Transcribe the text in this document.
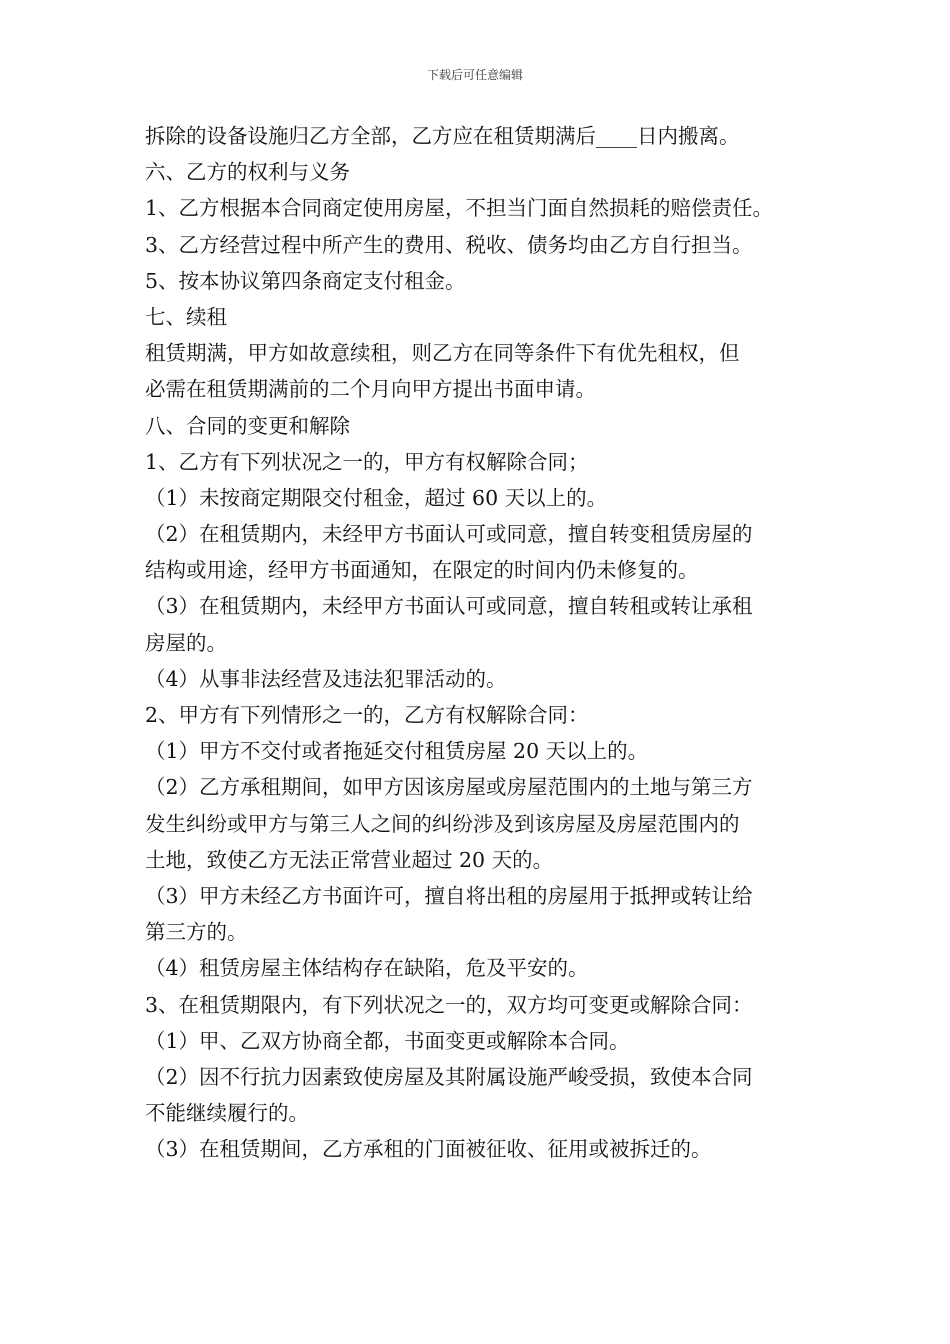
下载后可任意编辑
拆除的设备设施归乙方全部，乙方应在租赁期满后____日内搬离。
六、乙方的权利与义务
1、乙方根据本合同商定使用房屋，不担当门面自然损耗的赔偿责任。
3、乙方经营过程中所产生的费用、税收、债务均由乙方自行担当。
5、按本协议第四条商定支付租金。
七、续租
租赁期满，甲方如故意续租，则乙方在同等条件下有优先租权，但
必需在租赁期满前的二个月向甲方提出书面申请。
八、合同的变更和解除
1、乙方有下列状况之一的，甲方有权解除合同；
（1）未按商定期限交付租金，超过 60 天以上的。
（2）在租赁期内，未经甲方书面认可或同意，擅自转变租赁房屋的
结构或用途，经甲方书面通知，在限定的时间内仍未修复的。
（3）在租赁期内，未经甲方书面认可或同意，擅自转租或转让承租
房屋的。
（4）从事非法经营及违法犯罪活动的。
2、甲方有下列情形之一的，乙方有权解除合同：
（1）甲方不交付或者拖延交付租赁房屋 20 天以上的。
（2）乙方承租期间，如甲方因该房屋或房屋范围内的土地与第三方
发生纠纷或甲方与第三人之间的纠纷涉及到该房屋及房屋范围内的
土地，致使乙方无法正常营业超过 20 天的。
（3）甲方未经乙方书面许可，擅自将出租的房屋用于抵押或转让给
第三方的。
（4）租赁房屋主体结构存在缺陷，危及平安的。
3、在租赁期限内，有下列状况之一的，双方均可变更或解除合同：
（1）甲、乙双方协商全都，书面变更或解除本合同。
（2）因不行抗力因素致使房屋及其附属设施严峻受损，致使本合同
不能继续履行的。
（3）在租赁期间，乙方承租的门面被征收、征用或被拆迁的。
